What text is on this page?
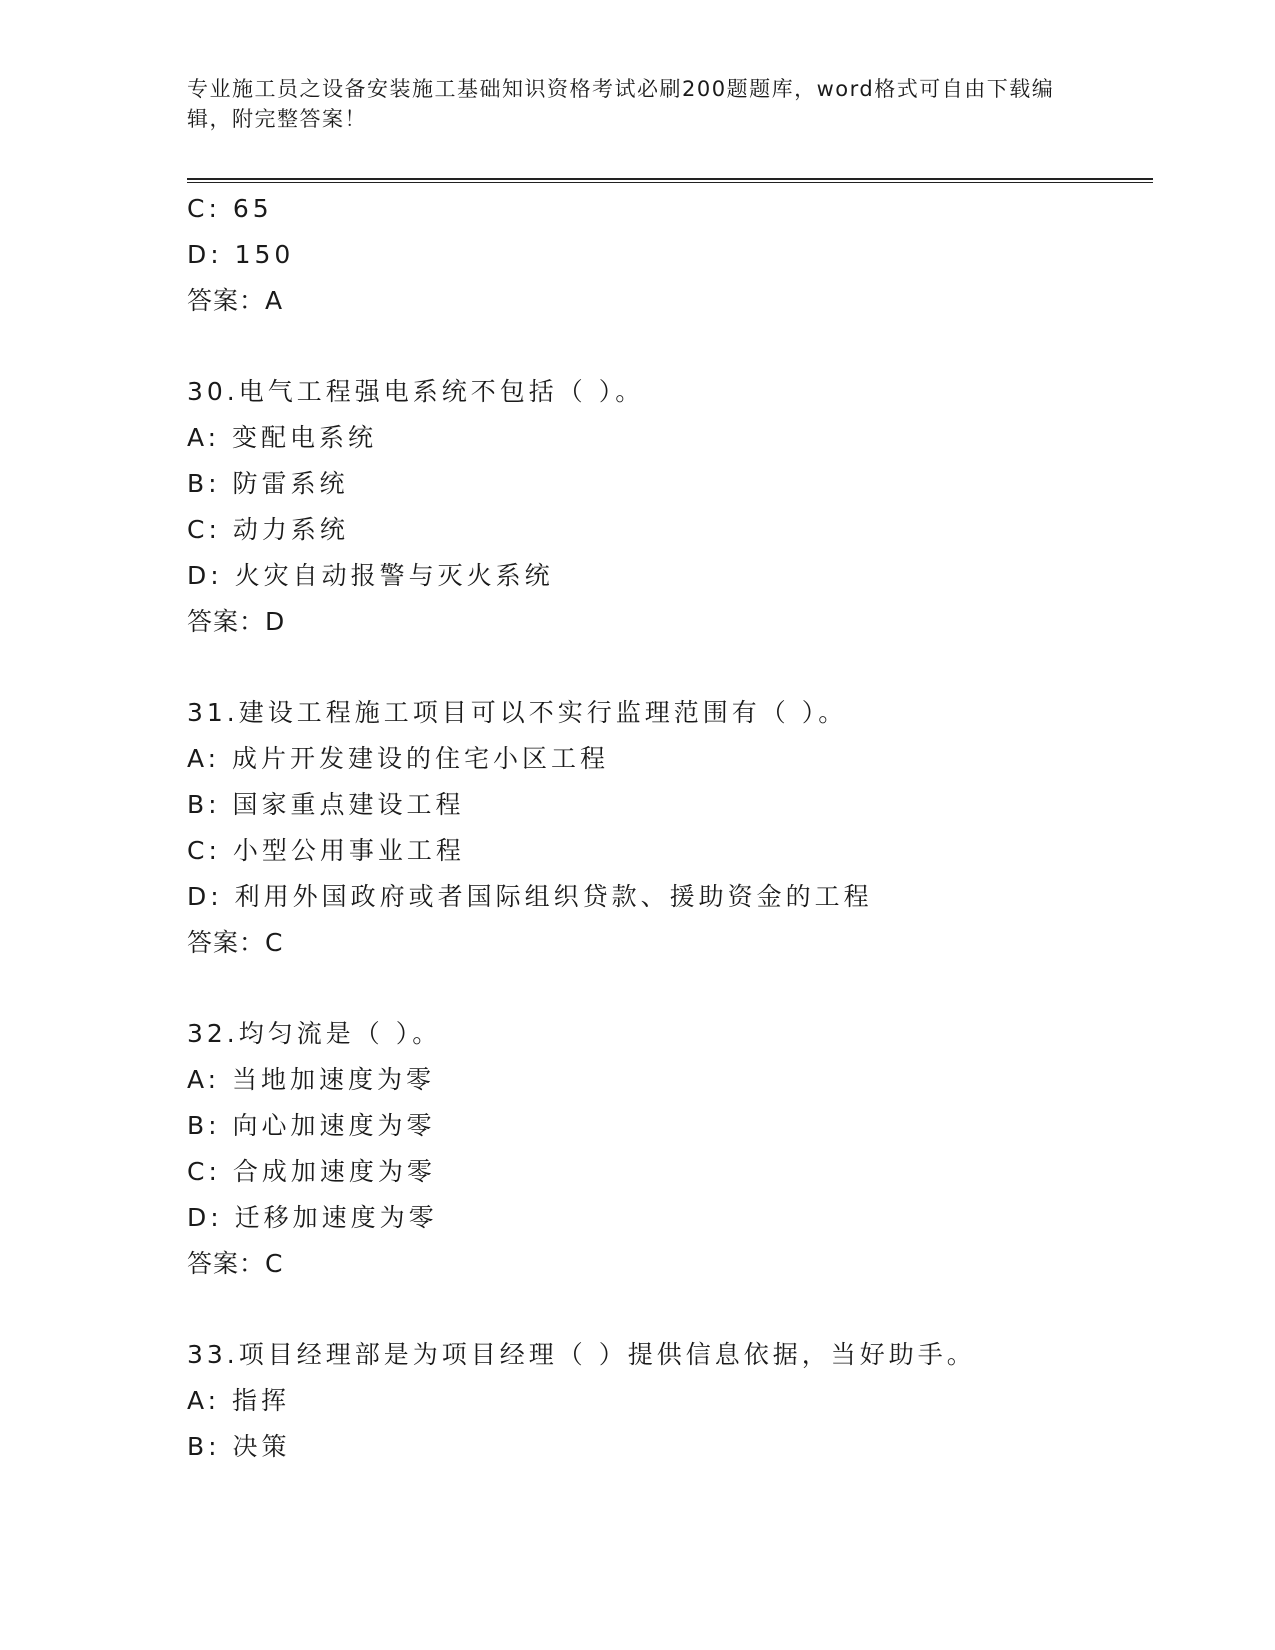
专业施工员之设备安装施工基础知识资格考试必刷200题题库，word格式可自由下载编辑，附完整答案！
C: 65
D: 150
答案：A
30.电气工程强电系统不包括（ ）。
A: 变配电系统
B: 防雷系统
C: 动力系统
D: 火灾自动报警与灭火系统
答案：D
31.建设工程施工项目可以不实行监理范围有（ ）。
A: 成片开发建设的住宅小区工程
B: 国家重点建设工程
C: 小型公用事业工程
D: 利用外国政府或者国际组织贷款、援助资金的工程
答案：C
32.均匀流是（ ）。
A: 当地加速度为零
B: 向心加速度为零
C: 合成加速度为零
D: 迁移加速度为零
答案：C
33.项目经理部是为项目经理（ ）提供信息依据，当好助手。
A: 指挥
B: 决策
